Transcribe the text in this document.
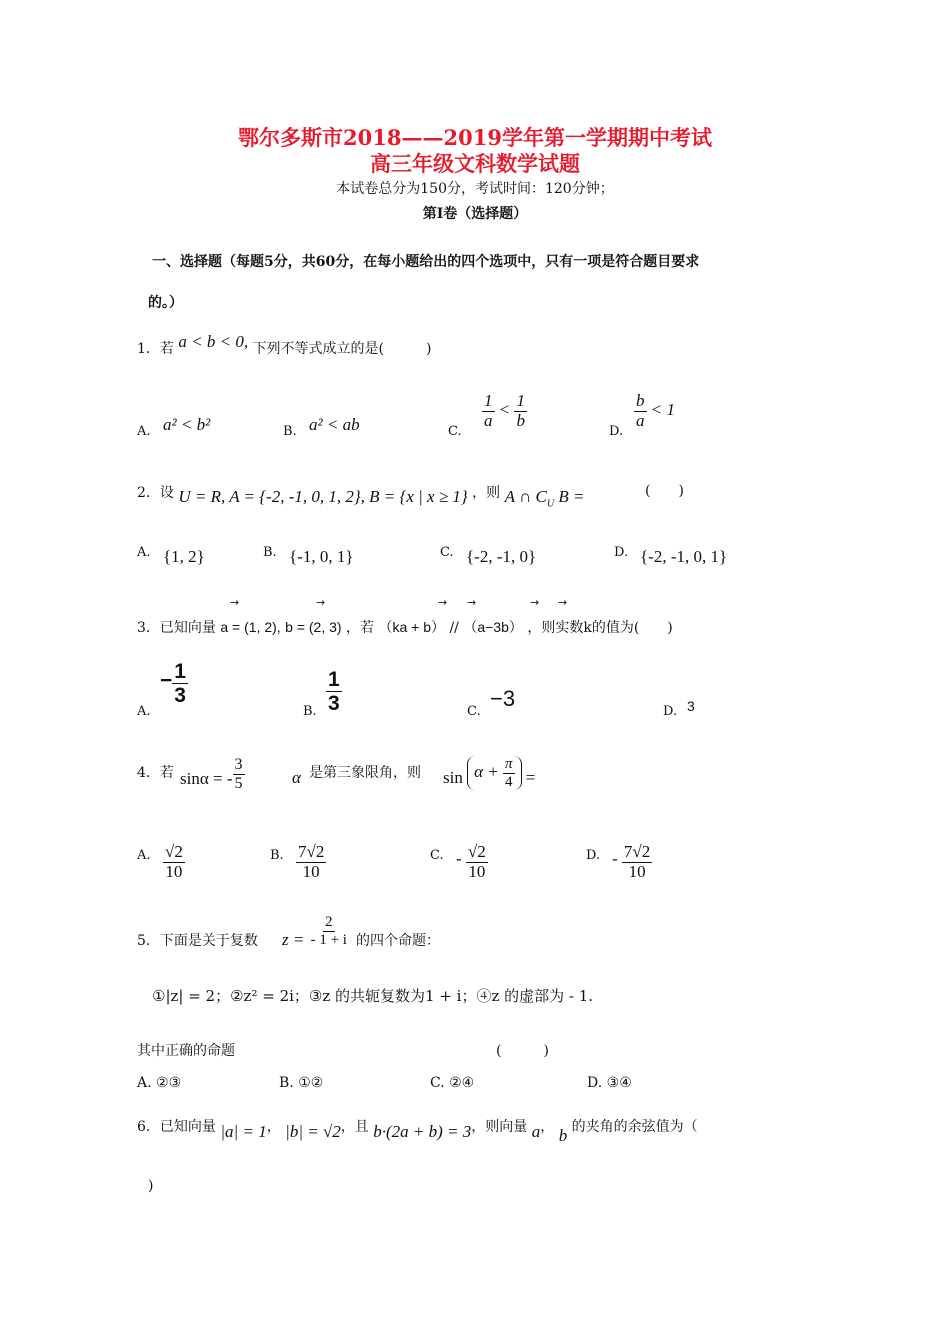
鄂尔多斯市2018——2019学年第一学期期中考试
高三年级文科数学试题
本试卷总分为150分，考试时间：120分钟；
第I卷（选择题）
一、选择题（每题5分，共60分，在每小题给出的四个选项中，只有一项是符合题目要求
的。）
1．若 a < b < 0, 下列不等式成立的是(　　　)
A. a² < b²	B. a² < ab	C.
$\frac{1}{a} < \frac{1}{b}$
D.
$\frac{b}{a} < 1$
2．设 U = R, A = {-2, -1, 0, 1, 2}, B = {x | x ≥ 1} ，则 A ∩ $C_U$ B =	(　　)
A. {1, 2}	B. {-1, 0, 1}	C. {-2, -1, 0}	D. {-2, -1, 0, 1}
→	→	→ →	→ →
3．已知向量 a = (1, 2), b = (2, 3) ，若 （ka + b） // （a−3b） ，则实数k的值为(　　)
A.
− $\frac{1}{3}$
B. $\frac{1}{3}$	C.
−3
D. 3
4．若 sinα = - $\frac{3}{5}$	α 是第三象限角，则 $\sin \alpha + \frac{\pi}{4}$ =
A. $\frac{√2}{10}$	B. $\frac{7√2}{10}$	C. - $\frac{√2}{10}$	D. - $\frac{7√2}{10}$
5．下面是关于复数 $z = \frac{2}{- 1 + i}$ 的四个命题：
①|z| = 2；②z² = 2i；③z 的共轭复数为1 + i；④z 的虚部为 - 1.
其中正确的命题	(　　　)
A. ②③	B. ①②	C. ②④	D. ③④
6．已知向量 |a| = 1， |b| = √2，且 b·(2a + b) = 3，则向量 a， b 的夹角的余弦值为（
)
